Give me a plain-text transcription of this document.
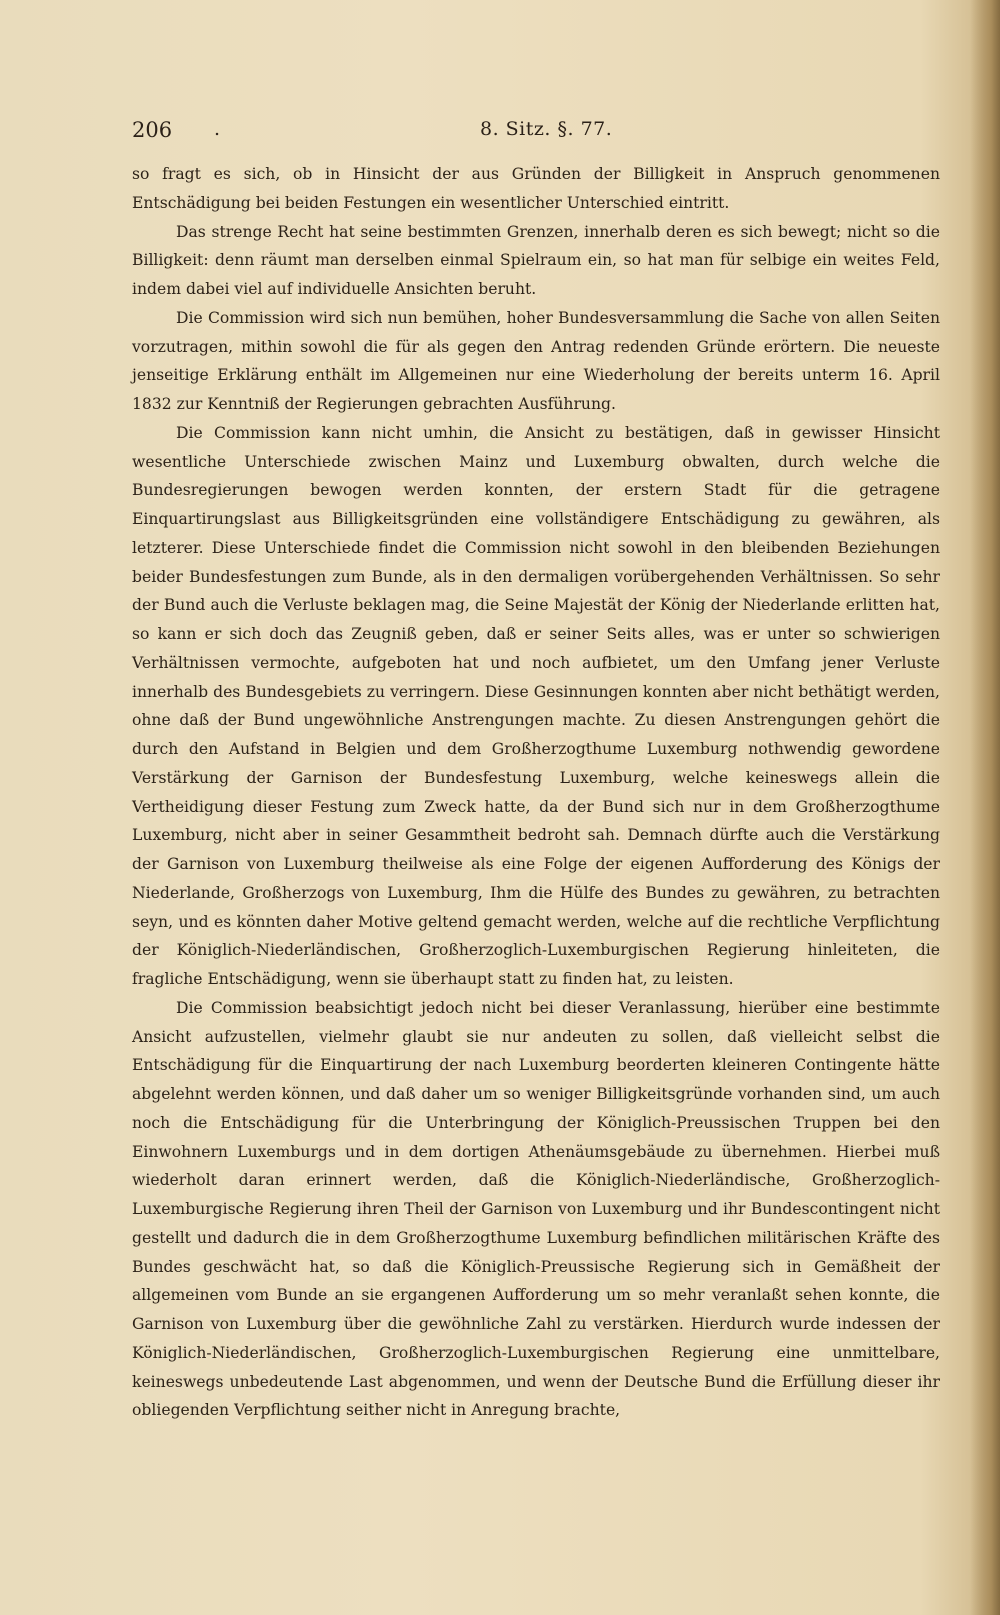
206 .	8. Sitz. §. 77.

so fragt es sich, ob in Hinsicht der aus Gründen der Billigkeit in Anspruch genommenen Entschädigung bei beiden Festungen ein wesentlicher Unterschied eintritt.

Das strenge Recht hat seine bestimmten Grenzen, innerhalb deren es sich bewegt; nicht so die Billigkeit: denn räumt man derselben einmal Spielraum ein, so hat man für selbige ein weites Feld, indem dabei viel auf individuelle Ansichten beruht.

Die Commission wird sich nun bemühen, hoher Bundesversammlung die Sache von allen Seiten vorzutragen, mithin sowohl die für als gegen den Antrag redenden Gründe erörtern. Die neueste jenseitige Erklärung enthält im Allgemeinen nur eine Wiederholung der bereits unterm 16. April 1832 zur Kenntniß der Regierungen gebrachten Ausführung.

Die Commission kann nicht umhin, die Ansicht zu bestätigen, daß in gewisser Hinsicht wesentliche Unterschiede zwischen Mainz und Luxemburg obwalten, durch welche die Bundesregierungen bewogen werden konnten, der erstern Stadt für die getragene Einquartirungslast aus Billigkeitsgründen eine vollständigere Entschädigung zu gewähren, als letzterer. Diese Unterschiede findet die Commission nicht sowohl in den bleibenden Beziehungen beider Bundesfestungen zum Bunde, als in den dermaligen vorübergehenden Verhältnissen. So sehr der Bund auch die Verluste beklagen mag, die Seine Majestät der König der Niederlande erlitten hat, so kann er sich doch das Zeugniß geben, daß er seiner Seits alles, was er unter so schwierigen Verhältnissen vermochte, aufgeboten hat und noch aufbietet, um den Umfang jener Verluste innerhalb des Bundesgebiets zu verringern. Diese Gesinnungen konnten aber nicht bethätigt werden, ohne daß der Bund ungewöhnliche Anstrengungen machte. Zu diesen Anstrengungen gehört die durch den Aufstand in Belgien und dem Großherzogthume Luxemburg nothwendig gewordene Verstärkung der Garnison der Bundesfestung Luxemburg, welche keineswegs allein die Vertheidigung dieser Festung zum Zweck hatte, da der Bund sich nur in dem Großherzogthume Luxemburg, nicht aber in seiner Gesammtheit bedroht sah. Demnach dürfte auch die Verstärkung der Garnison von Luxemburg theilweise als eine Folge der eigenen Aufforderung des Königs der Niederlande, Großherzogs von Luxemburg, Ihm die Hülfe des Bundes zu gewähren, zu betrachten seyn, und es könnten daher Motive geltend gemacht werden, welche auf die rechtliche Verpflichtung der Königlich-Niederländischen, Großherzoglich-Luxemburgischen Regierung hinleiteten, die fragliche Entschädigung, wenn sie überhaupt statt zu finden hat, zu leisten.

Die Commission beabsichtigt jedoch nicht bei dieser Veranlassung, hierüber eine bestimmte Ansicht aufzustellen, vielmehr glaubt sie nur andeuten zu sollen, daß vielleicht selbst die Entschädigung für die Einquartirung der nach Luxemburg beorderten kleineren Contingente hätte abgelehnt werden können, und daß daher um so weniger Billigkeitsgründe vorhanden sind, um auch noch die Entschädigung für die Unterbringung der Königlich-Preussischen Truppen bei den Einwohnern Luxemburgs und in dem dortigen Athenäumsgebäude zu übernehmen. Hierbei muß wiederholt daran erinnert werden, daß die Königlich-Niederländische, Großherzoglich-Luxemburgische Regierung ihren Theil der Garnison von Luxemburg und ihr Bundescontingent nicht gestellt und dadurch die in dem Großherzogthume Luxemburg befindlichen militärischen Kräfte des Bundes geschwächt hat, so daß die Königlich-Preussische Regierung sich in Gemäßheit der allgemeinen vom Bunde an sie ergangenen Aufforderung um so mehr veranlaßt sehen konnte, die Garnison von Luxemburg über die gewöhnliche Zahl zu verstärken. Hierdurch wurde indessen der Königlich-Niederländischen, Großherzoglich-Luxemburgischen Regierung eine unmittelbare, keineswegs unbedeutende Last abgenommen, und wenn der Deutsche Bund die Erfüllung dieser ihr obliegenden Verpflichtung seither nicht in Anregung brachte,
